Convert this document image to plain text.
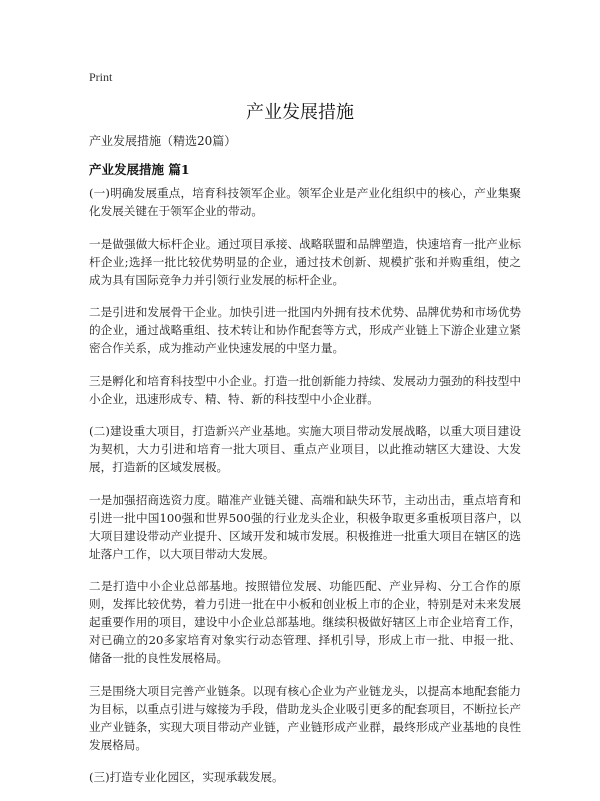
Print
产业发展措施
产业发展措施（精选20篇）
产业发展措施 篇1

(一)明确发展重点，培育科技领军企业。领军企业是产业化组织中的核心，产业集聚化发展关键在于领军企业的带动。

一是做强做大标杆企业。通过项目承接、战略联盟和品牌塑造，快速培育一批产业标杆企业;选择一批比较优势明显的企业，通过技术创新、规模扩张和并购重组，使之成为具有国际竞争力并引领行业发展的标杆企业。

二是引进和发展骨干企业。加快引进一批国内外拥有技术优势、品牌优势和市场优势的企业，通过战略重组、技术转让和协作配套等方式，形成产业链上下游企业建立紧密合作关系，成为推动产业快速发展的中坚力量。

三是孵化和培育科技型中小企业。打造一批创新能力持续、发展动力强劲的科技型中小企业，迅速形成专、精、特、新的科技型中小企业群。

(二)建设重大项目，打造新兴产业基地。实施大项目带动发展战略，以重大项目建设为契机，大力引进和培育一批大项目、重点产业项目，以此推动辖区大建设、大发展，打造新的区域发展极。

一是加强招商选资力度。瞄准产业链关键、高端和缺失环节，主动出击，重点培育和引进一批中国100强和世界500强的行业龙头企业，积极争取更多重板项目落户，以大项目建设带动产业提升、区域开发和城市发展。积极推进一批重大项目在辖区的选址落户工作，以大项目带动大发展。

二是打造中小企业总部基地。按照错位发展、功能匹配、产业异构、分工合作的原则，发挥比较优势，着力引进一批在中小板和创业板上市的企业，特别是对未来发展起重要作用的项目，建设中小企业总部基地。继续积极做好辖区上市企业培育工作，对已确立的20多家培育对象实行动态管理、择机引导，形成上市一批、申报一批、储备一批的良性发展格局。

三是围绕大项目完善产业链条。以现有核心企业为产业链龙头，以提高本地配套能力为目标，以重点引进与嫁接为手段，借助龙头企业吸引更多的配套项目，不断拉长产业产业链条，实现大项目带动产业链，产业链形成产业群，最终形成产业基地的良性发展格局。

(三)打造专业化园区，实现承载发展。
